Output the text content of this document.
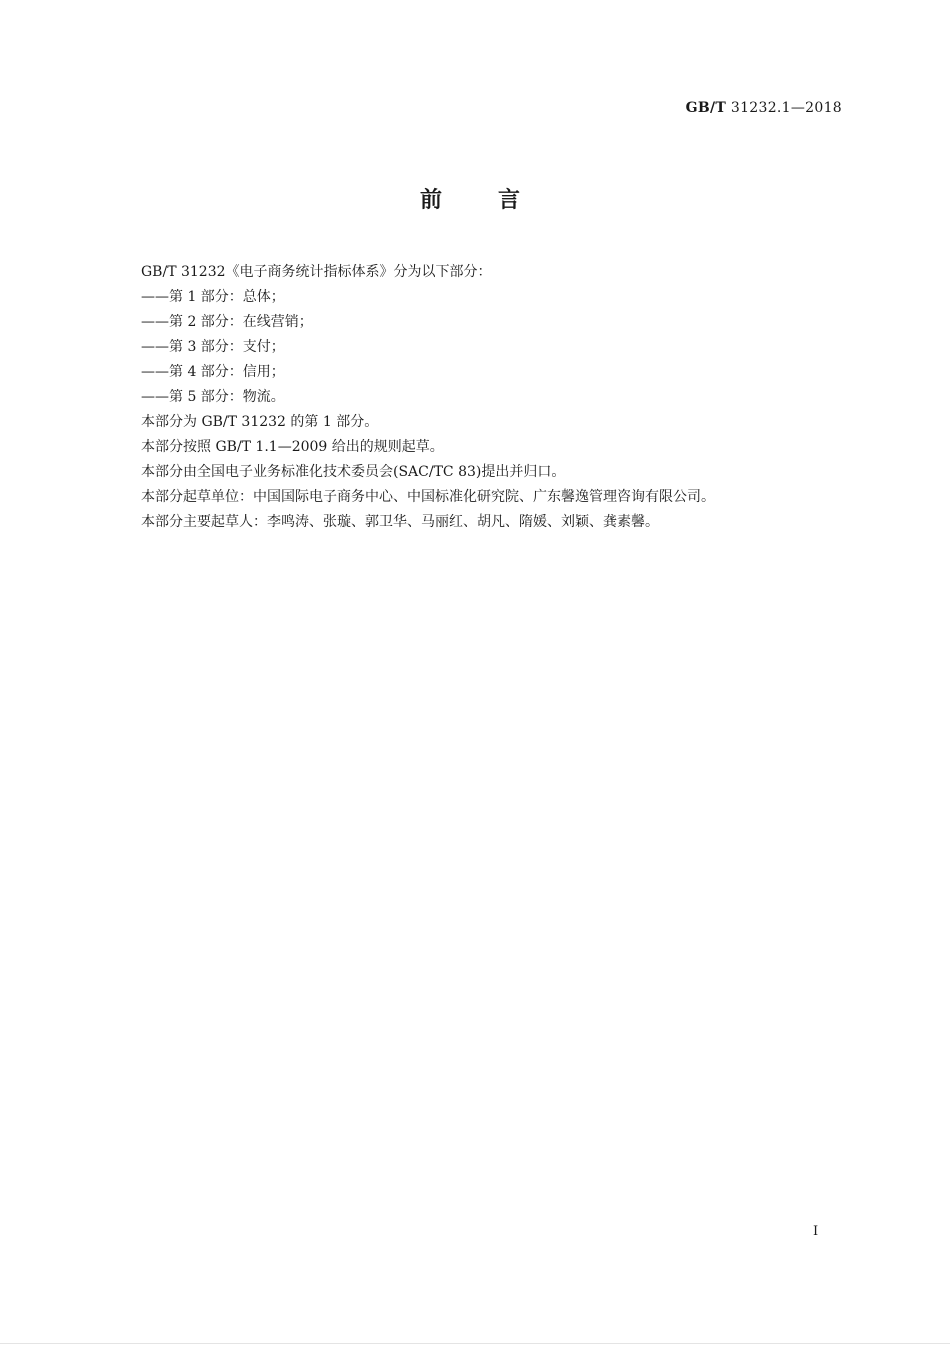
GB/T 31232.1—2018
前言
GB/T 31232《电子商务统计指标体系》分为以下部分：
——第 1 部分：总体；
——第 2 部分：在线营销；
——第 3 部分：支付；
——第 4 部分：信用；
——第 5 部分：物流。
本部分为 GB/T 31232 的第 1 部分。
本部分按照 GB/T 1.1—2009 给出的规则起草。
本部分由全国电子业务标准化技术委员会(SAC/TC 83)提出并归口。
本部分起草单位：中国国际电子商务中心、中国标准化研究院、广东馨逸管理咨询有限公司。
本部分主要起草人：李鸣涛、张璇、郭卫华、马丽红、胡凡、隋媛、刘颖、龚素馨。
I
